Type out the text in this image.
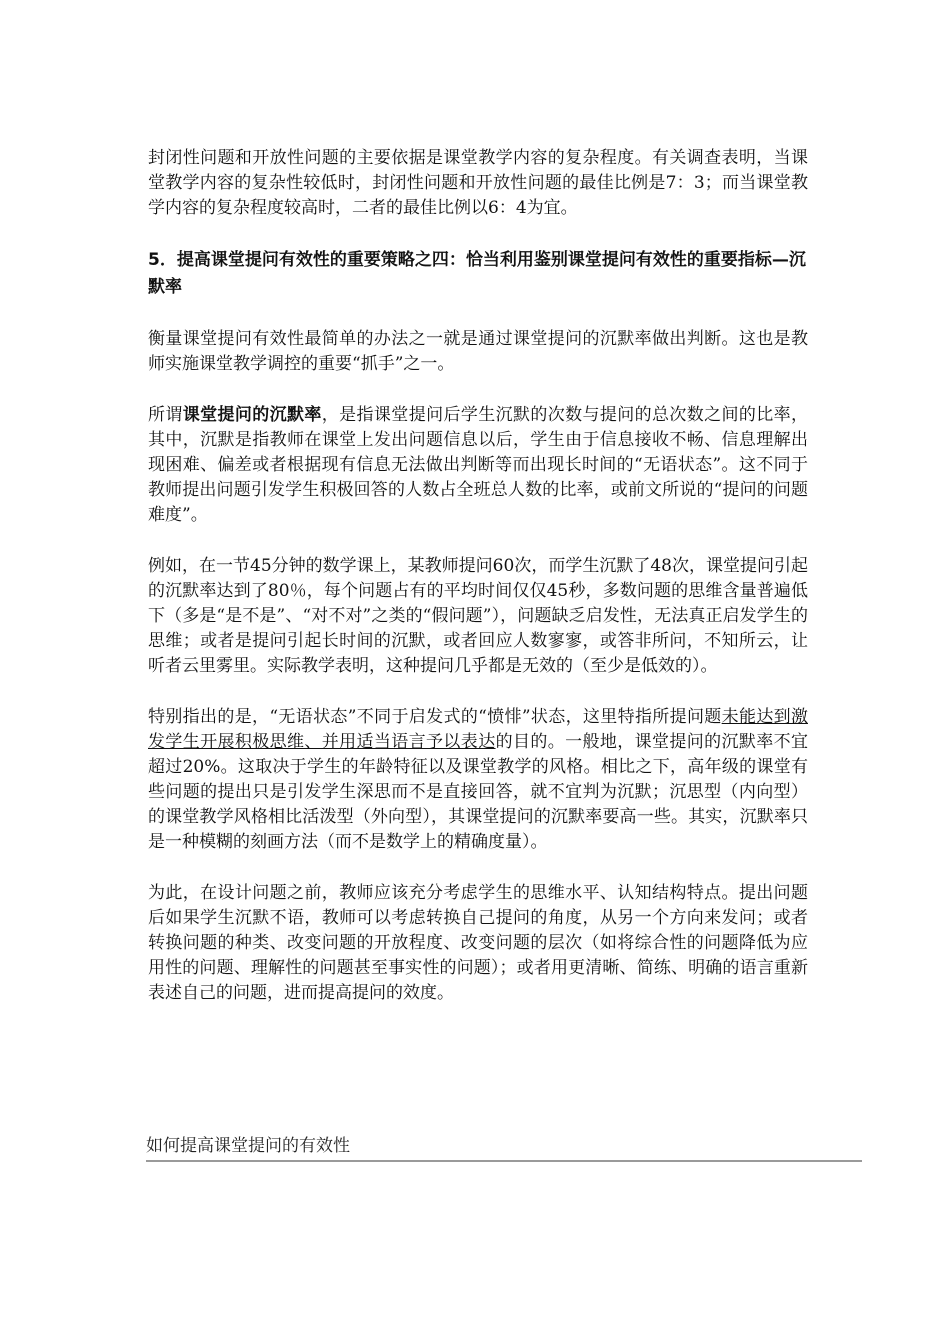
封闭性问题和开放性问题的主要依据是课堂教学内容的复杂程度。有关调查表明，当课堂教学内容的复杂性较低时，封闭性问题和开放性问题的最佳比例是7：3；而当课堂教学内容的复杂程度较高时，二者的最佳比例以6：4为宜。

5．提高课堂提问有效性的重要策略之四：恰当利用鉴别课堂提问有效性的重要指标—沉默率

衡量课堂提问有效性最简单的办法之一就是通过课堂提问的沉默率做出判断。这也是教师实施课堂教学调控的重要“抓手”之一。

所谓课堂提问的沉默率，是指课堂提问后学生沉默的次数与提问的总次数之间的比率，其中，沉默是指教师在课堂上发出问题信息以后，学生由于信息接收不畅、信息理解出现困难、偏差或者根据现有信息无法做出判断等而出现长时间的“无语状态”。这不同于教师提出问题引发学生积极回答的人数占全班总人数的比率，或前文所说的“提问的问题难度”。

例如，在一节45分钟的数学课上，某教师提问60次，而学生沉默了48次，课堂提问引起的沉默率达到了80％，每个问题占有的平均时间仅仅45秒，多数问题的思维含量普遍低下（多是“是不是”、“对不对”之类的“假问题”），问题缺乏启发性，无法真正启发学生的思维；或者是提问引起长时间的沉默，或者回应人数寥寥，或答非所问，不知所云，让听者云里雾里。实际教学表明，这种提问几乎都是无效的（至少是低效的）。

特别指出的是，“无语状态”不同于启发式的“愤悱”状态，这里特指所提问题未能达到激发学生开展积极思维、并用适当语言予以表达的目的。一般地，课堂提问的沉默率不宜超过20%。这取决于学生的年龄特征以及课堂教学的风格。相比之下，高年级的课堂有些问题的提出只是引发学生深思而不是直接回答，就不宜判为沉默；沉思型（内向型）的课堂教学风格相比活泼型（外向型），其课堂提问的沉默率要高一些。其实，沉默率只是一种模糊的刻画方法（而不是数学上的精确度量）。

为此，在设计问题之前，教师应该充分考虑学生的思维水平、认知结构特点。提出问题后如果学生沉默不语，教师可以考虑转换自己提问的角度，从另一个方向来发问；或者转换问题的种类、改变问题的开放程度、改变问题的层次（如将综合性的问题降低为应用性的问题、理解性的问题甚至事实性的问题）；或者用更清晰、简练、明确的语言重新表述自己的问题，进而提高提问的效度。

如何提高课堂提问的有效性
